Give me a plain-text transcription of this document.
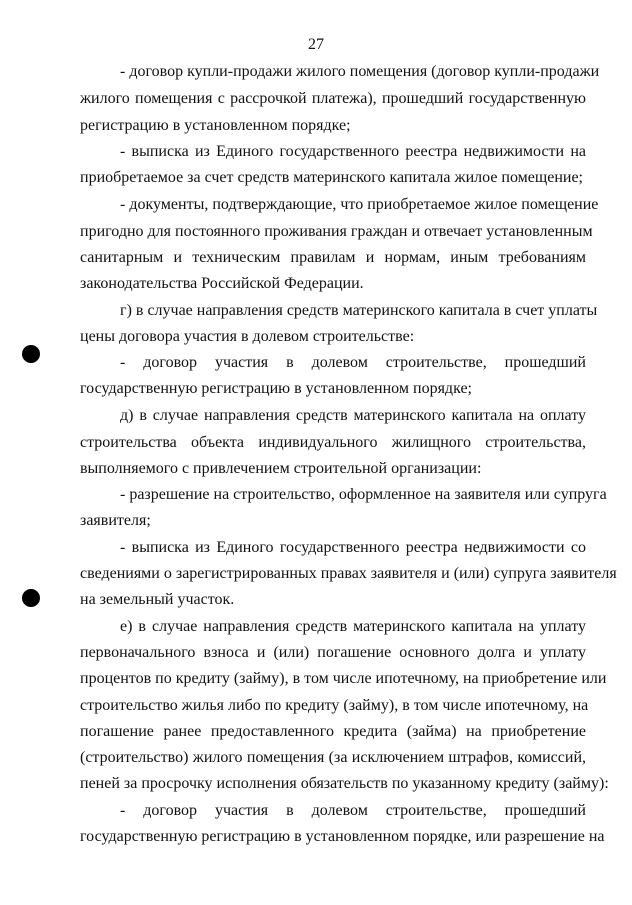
27
- договор купли-продажи жилого помещения (договор купли-продажи
жилого помещения с рассрочкой платежа), прошедший государственную
регистрацию в установленном порядке;
- выписка из Единого государственного реестра недвижимости на
приобретаемое за счет средств материнского капитала жилое помещение;
- документы, подтверждающие, что приобретаемое жилое помещение
пригодно для постоянного проживания граждан и отвечает установленным
санитарным и техническим правилам и нормам, иным требованиям
законодательства Российской Федерации.
г) в случае направления средств материнского капитала в счет уплаты
цены договора участия в долевом строительстве:
- договор участия в долевом строительстве, прошедший
государственную регистрацию в установленном порядке;
д) в случае направления средств материнского капитала на оплату
строительства объекта индивидуального жилищного строительства,
выполняемого с привлечением строительной организации:
- разрешение на строительство, оформленное на заявителя или супруга
заявителя;
- выписка из Единого государственного реестра недвижимости со
сведениями о зарегистрированных правах заявителя и (или) супруга заявителя
на земельный участок.
е) в случае направления средств материнского капитала на уплату
первоначального взноса и (или) погашение основного долга и уплату
процентов по кредиту (займу), в том числе ипотечному, на приобретение или
строительство жилья либо по кредиту (займу), в том числе ипотечному, на
погашение ранее предоставленного кредита (займа) на приобретение
(строительство) жилого помещения (за исключением штрафов, комиссий,
пеней за просрочку исполнения обязательств по указанному кредиту (займу):
- договор участия в долевом строительстве, прошедший
государственную регистрацию в установленном порядке, или разрешение на
